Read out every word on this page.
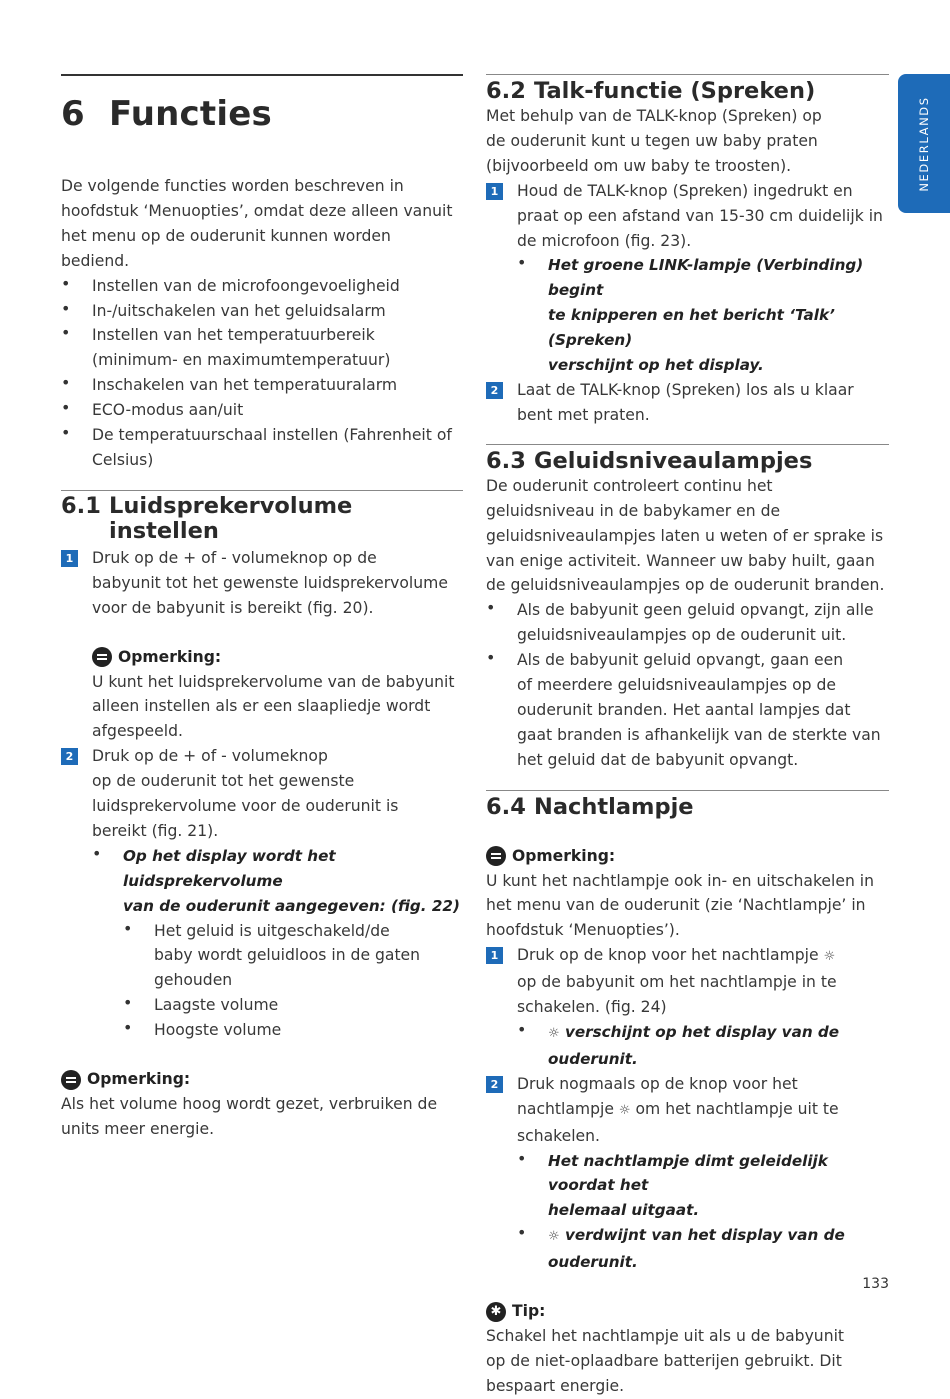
6 Functies

De volgende functies worden beschreven in

hoofdstuk ‘Menuopties’, omdat deze alleen vanuit

het menu op de ouderunit kunnen worden

bediend.

•	Instellen van de microfoongevoeligheid

•	In-/uitschakelen van het geluidsalarm

•	Instellen van het temperatuurbereik

(minimum- en maximumtemperatuur)

•	Inschakelen van het temperatuuralarm

•	ECO-modus aan/uit

•	De temperatuurschaal instellen (Fahrenheit of

Celsius)

6.1 Luidsprekervolume
instellen
1 Druk op de + of - volumeknop op de

babyunit tot het gewenste luidsprekervolume

voor de babyunit is bereikt (fig. 20).

Opmerking:

U kunt het luidsprekervolume van de babyunit

alleen instellen als er een slaapliedje wordt

afgespeeld.

2 Druk op de + of - volumeknop

op de ouderunit tot het gewenste

luidsprekervolume voor de ouderunit is

bereikt (fig. 21).

•	Op het display wordt het luidsprekervolume

van de ouderunit aangegeven: (fig. 22)

•	Het geluid is uitgeschakeld/de

baby wordt geluidloos in de gaten

gehouden

•	Laagste volume

•	Hoogste volume

Opmerking:

Als het volume hoog wordt gezet, verbruiken de

units meer energie.

6.2 Talk-functie (Spreken)

Met behulp van de TALK-knop (Spreken) op

de ouderunit kunt u tegen uw baby praten

(bijvoorbeeld om uw baby te troosten).

1 Houd de TALK-knop (Spreken) ingedrukt en

praat op een afstand van 15-30 cm duidelijk in

de microfoon (fig. 23).

•	Het groene LINK-lampje (Verbinding) begint

te knipperen en het bericht ‘Talk’ (Spreken)

verschijnt op het display.

2 Laat de TALK-knop (Spreken) los als u klaar

bent met praten.

6.3 Geluidsniveaulampjes

De ouderunit controleert continu het

geluidsniveau in de babykamer en de

geluidsniveaulampjes laten u weten of er sprake is

van enige activiteit. Wanneer uw baby huilt, gaan

de geluidsniveaulampjes op de ouderunit branden.

•	Als de babyunit geen geluid opvangt, zijn alle

geluidsniveaulampjes op de ouderunit uit.

•	Als de babyunit geluid opvangt, gaan een

of meerdere geluidsniveaulampjes op de

ouderunit branden. Het aantal lampjes dat

gaat branden is afhankelijk van de sterkte van

het geluid dat de babyunit opvangt.

6.4 Nachtlampje

Opmerking:

U kunt het nachtlampje ook in- en uitschakelen in

het menu van de ouderunit (zie ‘Nachtlampje’ in

hoofdstuk ‘Menuopties’).

1 Druk op de knop voor het nachtlampje ☼

op de babyunit om het nachtlampje in te

schakelen. (fig. 24)

•	☼ verschijnt op het display van de ouderunit.

2 Druk nogmaals op de knop voor het

nachtlampje ☼ om het nachtlampje uit te

schakelen.

•	Het nachtlampje dimt geleidelijk voordat het

helemaal uitgaat.

•	☼ verdwijnt van het display van de ouderunit.

✱ Tip:

Schakel het nachtlampje uit als u de babyunit

op de niet-oplaadbare batterijen gebruikt. Dit

bespaart energie.

NEDERLANDS
133
